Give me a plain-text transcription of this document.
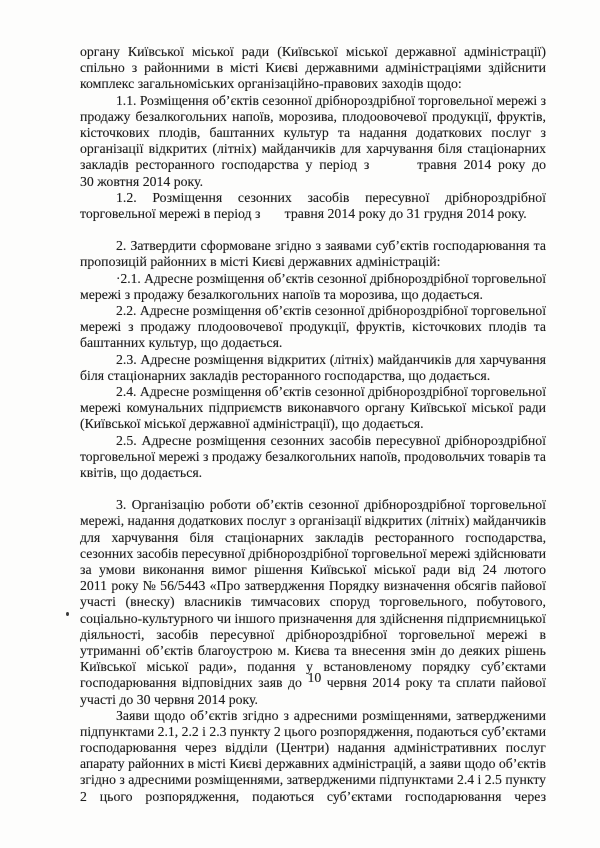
органу Київської міської ради (Київської міської державної адміністрації)
спільно з районними в місті Києві державними адміністраціями здійснити
комплекс загальноміських організаційно-правових заходів щодо:
1.1. Розміщення об’єктів сезонної дрібнороздрібної торговельної мережі з
продажу безалкогольних напоїв, морозива, плодоовочевої продукції, фруктів,
кісточкових плодів, баштанних культур та надання додаткових послуг з
організації відкритих (літніх) майданчиків для харчування біля стаціонарних
закладів ресторанного господарства у період з       травня 2014 року до
30 жовтня 2014 року.
1.2. Розміщення сезонних засобів пересувної дрібнороздрібної
торговельної мережі в період з       травня 2014 року до 31 грудня 2014 року.
2. Затвердити сформоване згідно з заявами суб’єктів господарювання та
пропозицій районних в місті Києві державних адміністрацій:
·2.1. Адресне розміщення об’єктів сезонної дрібнороздрібної торговельної
мережі з продажу безалкогольних напоїв та морозива, що додається.
2.2. Адресне розміщення об’єктів сезонної дрібнороздрібної торговельної
мережі з продажу плодоовочевої продукції, фруктів, кісточкових плодів та
баштанних культур, що додається.
2.3. Адресне розміщення відкритих (літніх) майданчиків для харчування
біля стаціонарних закладів ресторанного господарства, що додається.
2.4. Адресне розміщення об’єктів сезонної дрібнороздрібної торговельної
мережі комунальних підприємств виконавчого органу Київської міської ради
(Київської міської державної адміністрації), що додається.
2.5. Адресне розміщення сезонних засобів пересувної дрібнороздрібної
торговельної мережі з продажу безалкогольних напоїв, продовольчих товарів та
квітів, що додається.
3. Організацію роботи об’єктів сезонної дрібнороздрібної торговельної
мережі, надання додаткових послуг з організації відкритих (літніх) майданчиків
для харчування біля стаціонарних закладів ресторанного господарства,
сезонних засобів пересувної дрібнороздрібної торговельної мережі здійснювати
за умови виконання вимог рішення Київської міської ради від 24 лютого
2011 року № 56/5443 «Про затвердження Порядку визначення обсягів пайової
участі (внеску) власників тимчасових споруд торговельного, побутового,
соціально-культурного чи іншого призначення для здійснення підприємницької
діяльності, засобів пересувної дрібнороздрібної торговельної мережі в
утриманні об’єктів благоустрою м. Києва та внесення змін до деяких рішень
Київської міської ради», подання у встановленому порядку суб’єктами
господарювання відповідних заяв до 10 червня 2014 року та сплати пайової
участі до 30 червня 2014 року.
Заяви щодо об’єктів згідно з адресними розміщеннями, затвердженими
підпунктами 2.1, 2.2 і 2.3 пункту 2 цього розпорядження, подаються суб’єктами
господарювання через відділи (Центри) надання адміністративних послуг
апарату районних в місті Києві державних адміністрацій, а заяви щодо об’єктів
згідно з адресними розміщеннями, затвердженими підпунктами 2.4 і 2.5 пункту
2 цього розпорядження, подаються суб’єктами господарювання через
